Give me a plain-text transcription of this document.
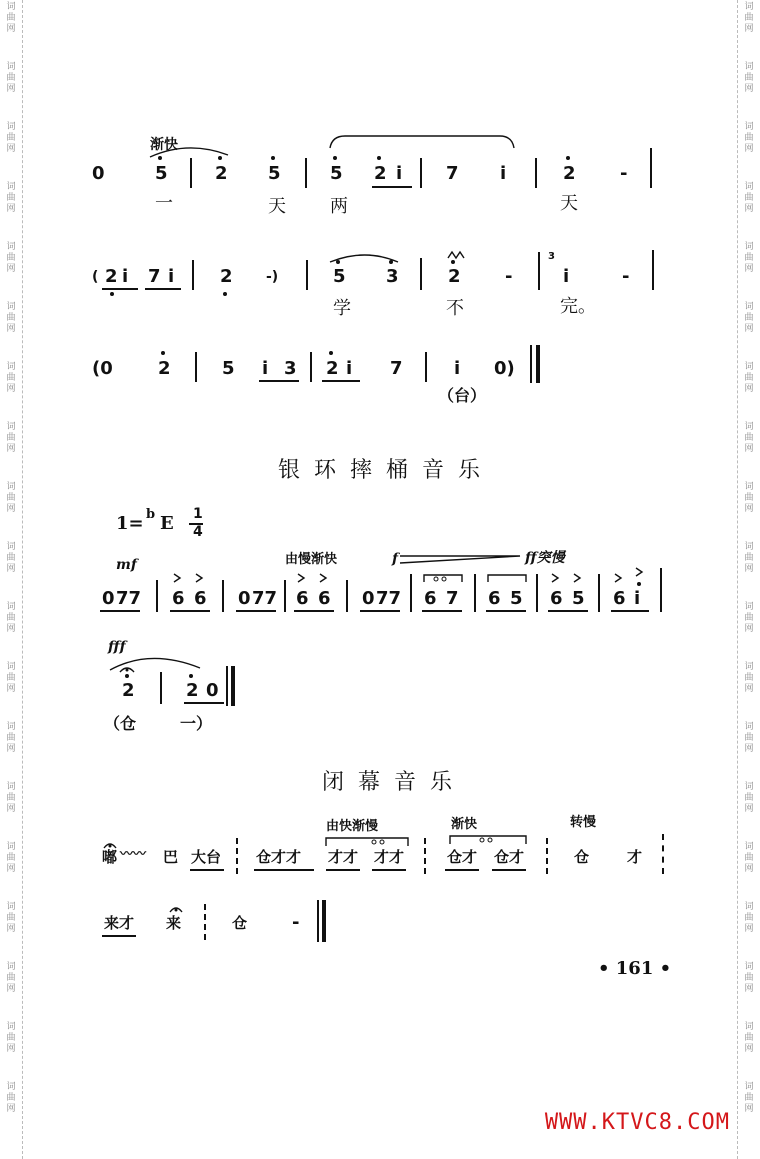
词
曲
网
词
曲
网
词
曲
网
词
曲
网
词
曲
网
词
曲
网
词
曲
网
词
曲
网
词
曲
网
词
曲
网
词
曲
网
词
曲
网
词
曲
网
词
曲
网
词
曲
网
词
曲
网
词
曲
网
词
曲
网
词
曲
网
词
曲
网
词
曲
网
词
曲
网
词
曲
网
词
曲
网
词
曲
网
词
曲
网
词
曲
网
词
曲
网
词
曲
网
词
曲
网
词
曲
网
词
曲
网
词
曲
网
词
曲
网
词
曲
网
词
曲
网
词
曲
网
词
曲
网
渐快
0	5	2 5	5 2 i 7 i	2 -
一	天 两	天
( 2 i 7 i	2 -)	5 3	2 -
3
i	-
学	不	完。
(0	2	5 i 3 2 i 7	i 0)
（台）
银环摔桶音乐
1= b E 1
4
mf	由慢渐快	f	ff突慢
0 77 6 6 0 77 6 6 0 77 6 7 6 5 6 5 6 i
fff
2	2 0
（仓	一）
闭幕音乐
由快渐慢	渐快	转慢
嘟 〰〰 巴 大台 仓才才 才才 才才	仓才 仓才	仓	才
来才 来	仓 -
• 161 •
WWW.KTVC8.COM
